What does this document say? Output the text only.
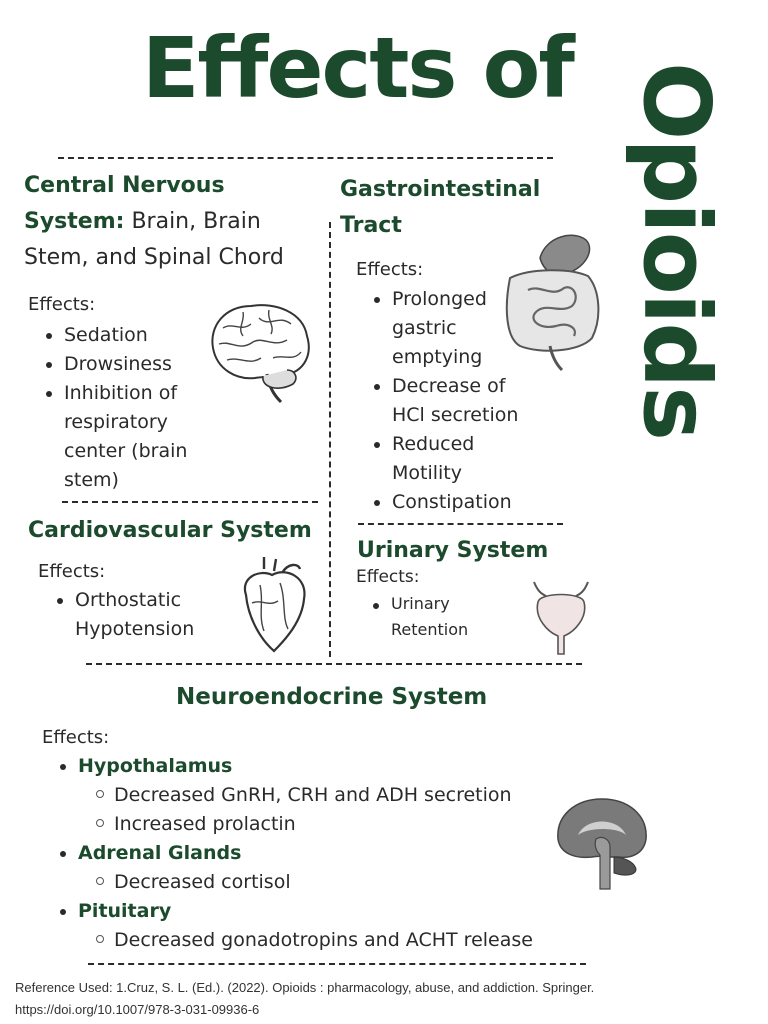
Effects of Opioids
Central Nervous System: Brain, Brain Stem, and Spinal Chord
Effects:
Sedation
Drowsiness
Inhibition of respiratory center (brain stem)
Gastrointestinal Tract
Effects:
Prolonged gastric emptying
Decrease of HCl secretion
Reduced Motility
Constipation
Cardiovascular System
Effects:
Orthostatic Hypotension
Urinary System
Effects:
Urinary Retention
Neuroendocrine System
Effects:
Hypothalamus
Decreased GnRH, CRH and ADH secretion
Increased prolactin
Adrenal Glands
Decreased cortisol
Pituitary
Decreased gonadotropins and ACHT release
Reference Used: 1.Cruz, S. L. (Ed.). (2022). Opioids : pharmacology, abuse, and addiction. Springer.
https://doi.org/10.1007/978-3-031-09936-6
